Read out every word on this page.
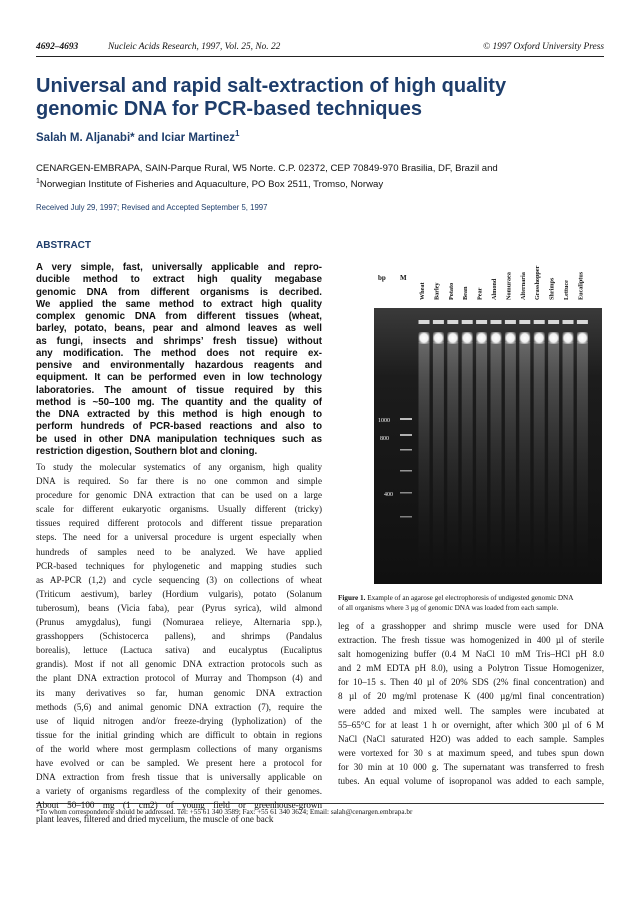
4692–4693	Nucleic Acids Research, 1997, Vol. 25, No. 22	© 1997 Oxford University Press
Universal and rapid salt-extraction of high quality
genomic DNA for PCR-based techniques
Salah M. Aljanabi* and Iciar Martinez$^1$
CENARGEN-EMBRAPA, SAIN-Parque Rural, W5 Norte. C.P. 02372, CEP 70849-970 Brasilia, DF, Brazil and
$^1$Norwegian Institute of Fisheries and Aquaculture, PO Box 2511, Tromso, Norway
Received July 29, 1997; Revised and Accepted September 5, 1997
ABSTRACT
A very simple, fast, universally applicable and repro-
ducible method to extract high quality megabase
genomic DNA from different organisms is decribed.
We applied the same method to extract high quality
complex genomic DNA from different tissues (wheat,
barley, potato, beans, pear and almond leaves as well
as fungi, insects and shrimps’ fresh tissue) without
any modification. The method does not require ex-
pensive and environmentally hazardous reagents and
equipment. It can be performed even in low technology
laboratories. The amount of tissue required by this
method is ~50–100 mg. The quantity and the quality of
the DNA extracted by this method is high enough to
perform hundreds of PCR-based reactions and also to
be used in other DNA manipulation techniques such as
restriction digestion, Southern blot and cloning.
To study the molecular systematics of any organism, high quality
DNA is required. So far there is no one common and simple
procedure for genomic DNA extraction that can be used on a large
scale for different eukaryotic organisms. Usually different (tricky)
tissues required different protocols and different tissue preparation
steps. The need for a universal procedure is urgent especially when
hundreds of samples need to be analyzed. We have applied
PCR-based techniques for phylogenetic and mapping studies such
as AP-PCR (1,2) and cycle sequencing (3) on collections of wheat
(Triticum aestivum), barley (Hordium vulgaris), potato (Solanum
tuberosum), beans (Vicia faba), pear (Pyrus syrica), wild almond
(Prunus amygdalus), fungi (Nomuraea relieye, Alternaria spp.),
grasshoppers (Schistocerca pallens), and shrimps (Pandalus
borealis), lettuce (Lactuca sativa) and eucalyptus (Eucaliptus
grandis). Most if not all genomic DNA extraction protocols such as
the plant DNA extraction protocol of Murray and Thompson (4) and
its many derivatives so far, human genomic DNA extraction
methods (5,6) and animal genomic DNA extraction (7), require the
use of liquid nitrogen and/or freeze-drying (lypholization) of the
tissue for the initial grinding which are difficult to obtain in regions
of the world where most germplasm collections of many organisms
have evolved or can be sampled. We present here a protocol for
DNA extraction from fresh tissue that is universally applicable on
a variety of organisms regardless of the complexity of their genomes.
About 50–100 mg (1 cm2) of young field or greenhouse-grown
plant leaves, filtered and dried mycelium, the muscle of one back
Wheat Barley Potato Bean Pear Almond Nomuraea Alternaria Grasshopper Shrimps Lettuce Eucaliptus
bp M
1000
800
400
Figure 1. Example of an agarose gel electrophoresis of undigested genomic DNA
of all organisms where 3 µg of genomic DNA was loaded from each sample.
leg of a grasshopper and shrimp muscle were used for DNA
extraction. The fresh tissue was homogenized in 400 µl of sterile
salt homogenizing buffer (0.4 M NaCl 10 mM Tris–HCl pH 8.0
and 2 mM EDTA pH 8.0), using a Polytron Tissue Homogenizer,
for 10–15 s. Then 40 µl of 20% SDS (2% final concentration) and
8 µl of 20 mg/ml protenase K (400 µg/ml final concentration)
were added and mixed well. The samples were incubated at
55–65°C for at least 1 h or overnight, after which 300 µl of 6 M
NaCl (NaCl saturated H2O) was added to each sample. Samples
were vortexed for 30 s at maximum speed, and tubes spun down
for 30 min at 10 000 g. The supernatant was transferred to fresh
tubes. An equal volume of isopropanol was added to each sample,
*To whom correspondence should be addressed. Tel: +55 61 340 3589; Fax: +55 61 340 3624; Email: salah@cenargen.embrapa.br
